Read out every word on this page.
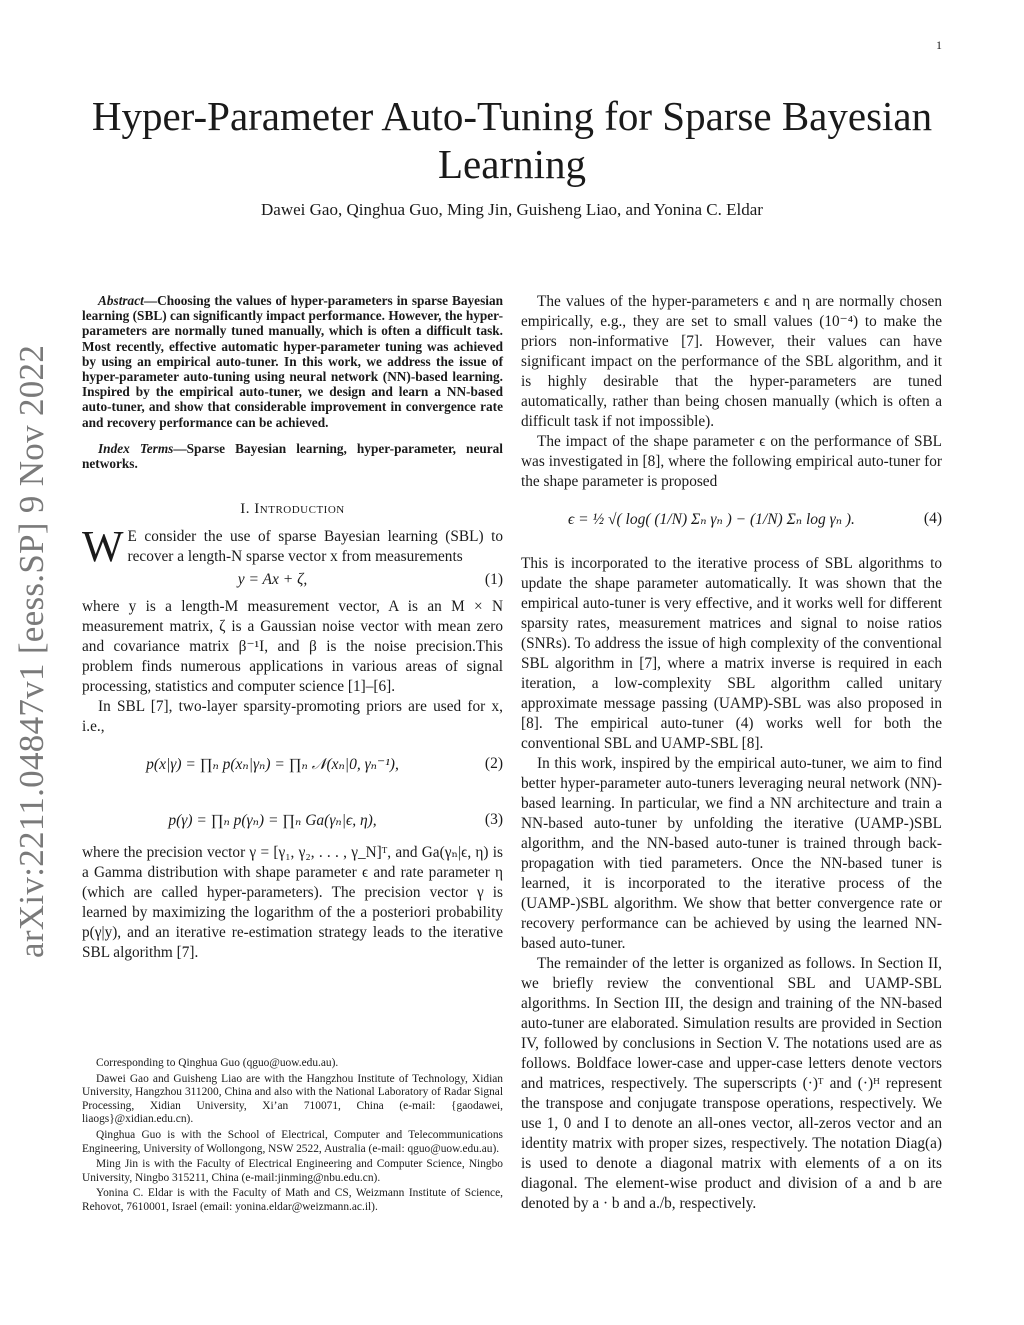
1
arXiv:2211.04847v1 [eess.SP] 9 Nov 2022
Hyper-Parameter Auto-Tuning for Sparse Bayesian Learning
Dawei Gao, Qinghua Guo, Ming Jin, Guisheng Liao, and Yonina C. Eldar

Abstract—Choosing the values of hyper-parameters in sparse Bayesian learning (SBL) can significantly impact performance. However, the hyper-parameters are normally tuned manually, which is often a difficult task. Most recently, effective automatic hyper-parameter tuning was achieved by using an empirical auto-tuner. In this work, we address the issue of hyper-parameter auto-tuning using neural network (NN)-based learning. Inspired by the empirical auto-tuner, we design and learn a NN-based auto-tuner, and show that considerable improvement in convergence rate and recovery performance can be achieved.

Index Terms—Sparse Bayesian learning, hyper-parameter, neural networks.

I. Introduction

W E consider the use of sparse Bayesian learning (SBL) to recover a length-N sparse vector x from measurements

y = Ax + ζ,	(1)

where y is a length-M measurement vector, A is an M × N measurement matrix, ζ is a Gaussian noise vector with mean zero and covariance matrix β⁻¹I, and β is the noise precision.This problem finds numerous applications in various areas of signal processing, statistics and computer science [1]–[6].

In SBL [7], two-layer sparsity-promoting priors are used for x, i.e.,

p(x|γ) = ∏ₙ p(xₙ|γₙ) = ∏ₙ 𝒩(xₙ|0, γₙ⁻¹),	(2)
p(γ) = ∏ₙ p(γₙ) = ∏ₙ Ga(γₙ|ϵ, η),	(3)

where the precision vector γ = [γ₁, γ₂, . . . , γ_N]ᵀ, and Ga(γₙ|ϵ, η) is a Gamma distribution with shape parameter ϵ and rate parameter η (which are called hyper-parameters). The precision vector γ is learned by maximizing the logarithm of the a posteriori probability p(γ|y), and an iterative re-estimation strategy leads to the iterative SBL algorithm [7].

Corresponding to Qinghua Guo (qguo@uow.edu.au).

Dawei Gao and Guisheng Liao are with the Hangzhou Institute of Technology, Xidian University, Hangzhou 311200, China and also with the National Laboratory of Radar Signal Processing, Xidian University, Xi’an 710071, China (e-mail: {gaodawei, liaogs}@xidian.edu.cn).

Qinghua Guo is with the School of Electrical, Computer and Telecommunications Engineering, University of Wollongong, NSW 2522, Australia (e-mail: qguo@uow.edu.au).

Ming Jin is with the Faculty of Electrical Engineering and Computer Science, Ningbo University, Ningbo 315211, China (e-mail:jinming@nbu.edu.cn).

Yonina C. Eldar is with the Faculty of Math and CS, Weizmann Institute of Science, Rehovot, 7610001, Israel (email: yonina.eldar@weizmann.ac.il).

The values of the hyper-parameters ϵ and η are normally chosen empirically, e.g., they are set to small values (10⁻⁴) to make the priors non-informative [7]. However, their values can have significant impact on the performance of the SBL algorithm, and it is highly desirable that the hyper-parameters are tuned automatically, rather than being chosen manually (which is often a difficult task if not impossible).

The impact of the shape parameter ϵ on the performance of SBL was investigated in [8], where the following empirical auto-tuner for the shape parameter is proposed

ϵ = ½ √( log( (1/N) Σₙ γₙ ) − (1/N) Σₙ log γₙ ).	(4)

This is incorporated to the iterative process of SBL algorithms to update the shape parameter automatically. It was shown that the empirical auto-tuner is very effective, and it works well for different sparsity rates, measurement matrices and signal to noise ratios (SNRs). To address the issue of high complexity of the conventional SBL algorithm in [7], where a matrix inverse is required in each iteration, a low-complexity SBL algorithm called unitary approximate message passing (UAMP)-SBL was also proposed in [8]. The empirical auto-tuner (4) works well for both the conventional SBL and UAMP-SBL [8].

In this work, inspired by the empirical auto-tuner, we aim to find better hyper-parameter auto-tuners leveraging neural network (NN)-based learning. In particular, we find a NN architecture and train a NN-based auto-tuner by unfolding the iterative (UAMP-)SBL algorithm, and the NN-based auto-tuner is trained through back-propagation with tied parameters. Once the NN-based tuner is learned, it is incorporated to the iterative process of the (UAMP-)SBL algorithm. We show that better convergence rate or recovery performance can be achieved by using the learned NN-based auto-tuner.

The remainder of the letter is organized as follows. In Section II, we briefly review the conventional SBL and UAMP-SBL algorithms. In Section III, the design and training of the NN-based auto-tuner are elaborated. Simulation results are provided in Section IV, followed by conclusions in Section V. The notations used are as follows. Boldface lower-case and upper-case letters denote vectors and matrices, respectively. The superscripts (·)ᵀ and (·)ᴴ represent the transpose and conjugate transpose operations, respectively. We use 1, 0 and I to denote an all-ones vector, all-zeros vector and an identity matrix with proper sizes, respectively. The notation Diag(a) is used to denote a diagonal matrix with elements of a on its diagonal. The element-wise product and division of a and b are denoted by a · b and a./b, respectively.
